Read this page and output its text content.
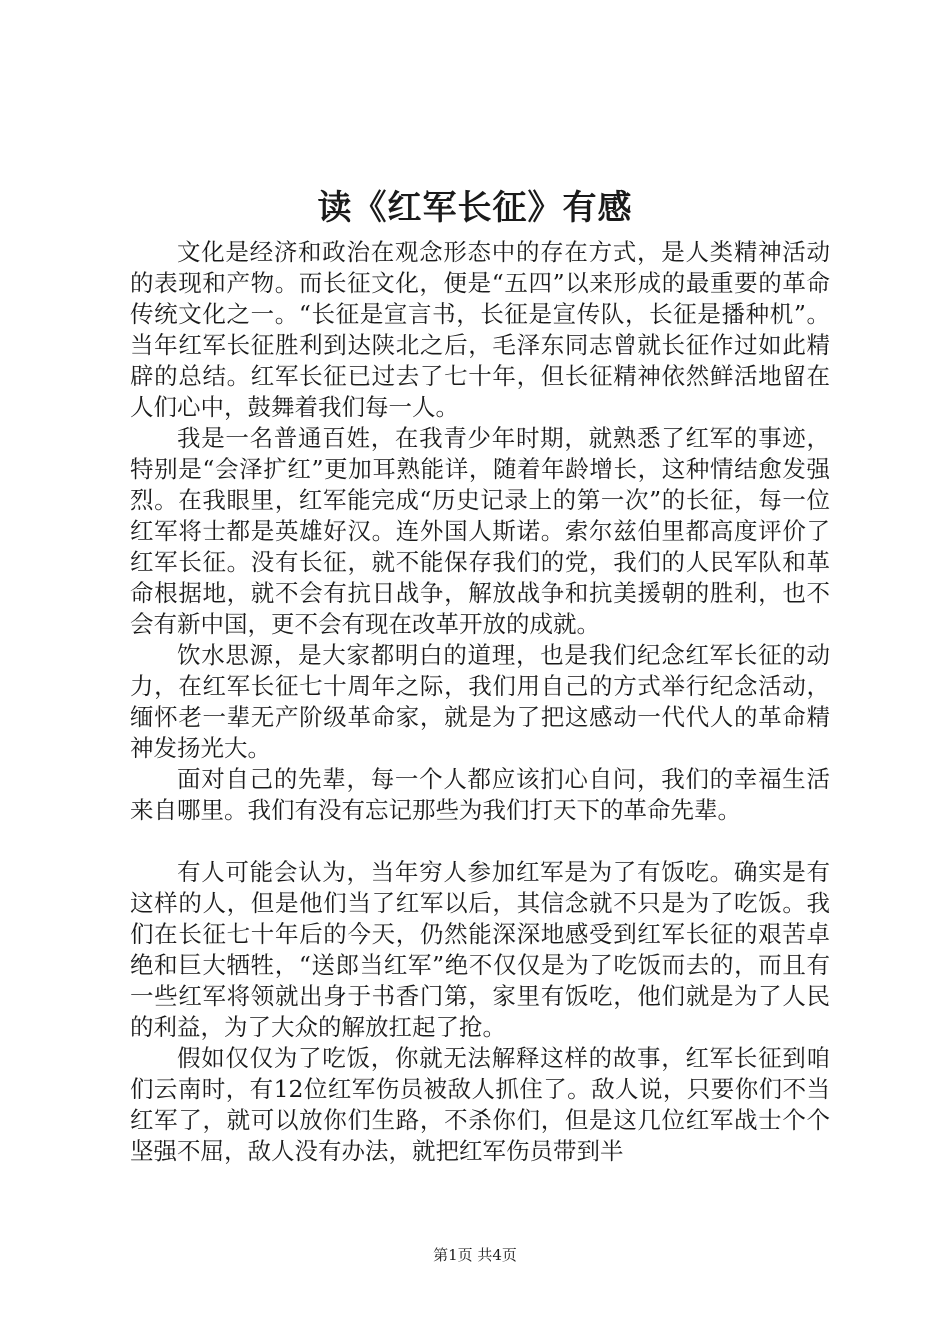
读《红军长征》有感

文化是经济和政治在观念形态中的存在方式，是人类精神活动的表现和产物。而长征文化，便是“五四”以来形成的最重要的革命传统文化之一。“长征是宣言书，长征是宣传队，长征是播种机”。当年红军长征胜利到达陕北之后，毛泽东同志曾就长征作过如此精辟的总结。红军长征已过去了七十年，但长征精神依然鲜活地留在人们心中，鼓舞着我们每一人。

我是一名普通百姓，在我青少年时期，就熟悉了红军的事迹，特别是“会泽扩红”更加耳熟能详，随着年龄增长，这种情结愈发强烈。在我眼里，红军能完成“历史记录上的第一次”的长征，每一位红军将士都是英雄好汉。连外国人斯诺。索尔兹伯里都高度评价了红军长征。没有长征，就不能保存我们的党，我们的人民军队和革命根据地，就不会有抗日战争，解放战争和抗美援朝的胜利，也不会有新中国，更不会有现在改革开放的成就。

饮水思源，是大家都明白的道理，也是我们纪念红军长征的动力，在红军长征七十周年之际，我们用自己的方式举行纪念活动，缅怀老一辈无产阶级革命家，就是为了把这感动一代代人的革命精神发扬光大。

面对自己的先辈，每一个人都应该扪心自问，我们的幸福生活来自哪里。我们有没有忘记那些为我们打天下的革命先辈。

有人可能会认为，当年穷人参加红军是为了有饭吃。确实是有这样的人，但是他们当了红军以后，其信念就不只是为了吃饭。我们在长征七十年后的今天，仍然能深深地感受到红军长征的艰苦卓绝和巨大牺牲，“送郎当红军”绝不仅仅是为了吃饭而去的，而且有一些红军将领就出身于书香门第，家里有饭吃，他们就是为了人民的利益，为了大众的解放扛起了抢。

假如仅仅为了吃饭，你就无法解释这样的故事，红军长征到咱们云南时，有12位红军伤员被敌人抓住了。敌人说，只要你们不当红军了，就可以放你们生路，不杀你们，但是这几位红军战士个个坚强不屈，敌人没有办法，就把红军伤员带到半

第1页 共4页
